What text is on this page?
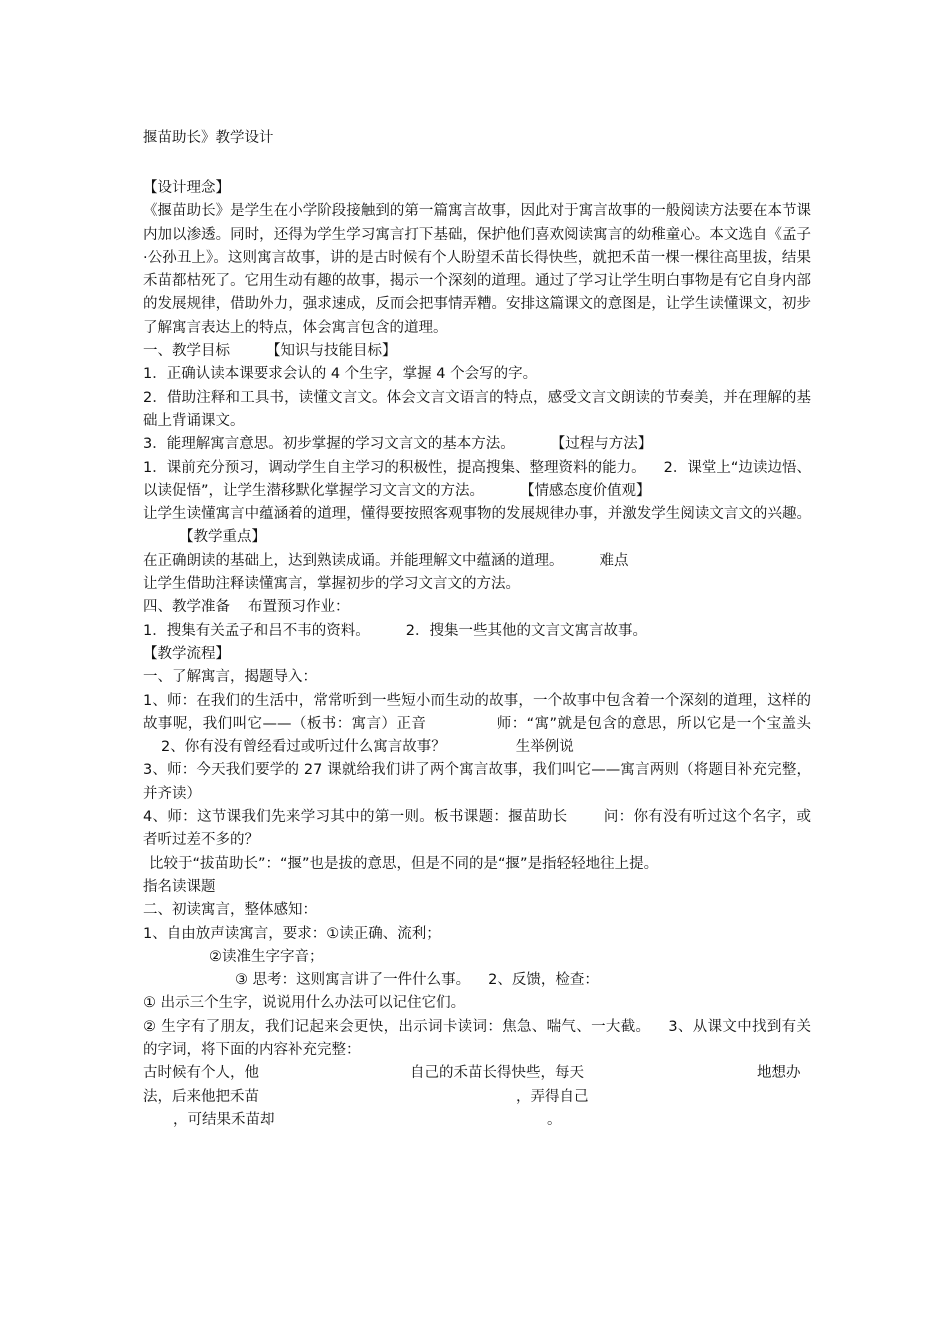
揠苗助长》教学设计

【设计理念】

《揠苗助长》是学生在小学阶段接触到的第一篇寓言故事，因此对于寓言故事的一般阅读方法要在本节课内加以渗透。同时，还得为学生学习寓言打下基础，保护他们喜欢阅读寓言的幼稚童心。本文选自《孟子·公孙丑上》。这则寓言故事，讲的是古时候有个人盼望禾苗长得快些，就把禾苗一棵一棵往高里拔，结果禾苗都枯死了。它用生动有趣的故事，揭示一个深刻的道理。通过了学习让学生明白事物是有它自身内部的发展规律，借助外力，强求速成，反而会把事情弄糟。安排这篇课文的意图是，让学生读懂课文，初步了解寓言表达上的特点，体会寓言包含的道理。

一、教学目标 【知识与技能目标】

1．正确认读本课要求会认的 4 个生字，掌握 4 个会写的字。

2．借助注释和工具书，读懂文言文。体会文言文语言的特点，感受文言文朗读的节奏美，并在理解的基础上背诵课文。

3．能理解寓言意思。初步掌握的学习文言文的基本方法。 【过程与方法】

1．课前充分预习，调动学生自主学习的积极性，提高搜集、整理资料的能力。 2．课堂上“边读边悟、以读促悟”，让学生潜移默化掌握学习文言文的方法。 【情感态度价值观】

让学生读懂寓言中蕴涵着的道理，懂得要按照客观事物的发展规律办事，并激发学生阅读文言文的兴趣。【教学重点】

在正确朗读的基础上，达到熟读成诵。并能理解文中蕴涵的道理。 难点

让学生借助注释读懂寓言，掌握初步的学习文言文的方法。

四、教学准备 布置预习作业：

1．搜集有关孟子和吕不韦的资料。 2．搜集一些其他的文言文寓言故事。

【教学流程】

一、了解寓言，揭题导入：

1、师：在我们的生活中，常常听到一些短小而生动的故事，一个故事中包含着一个深刻的道理，这样的故事呢，我们叫它——（板书：寓言）正音	师：“寓”就是包含的意思，所以它是一个宝盖头2、你有没有曾经看过或听过什么寓言故事？	生举例说

3、师：今天我们要学的 27 课就给我们讲了两个寓言故事，我们叫它——寓言两则（将题目补充完整，并齐读）

4、师：这节课我们先来学习其中的第一则。板书课题：揠苗助长 问：你有没有听过这个名字，或者听过差不多的？

比较于“拔苗助长”：“揠”也是拔的意思，但是不同的是“揠”是指轻轻地往上提。

指名读课题

二、初读寓言，整体感知：

1、自由放声读寓言，要求：①读正确、流利；

②读准生字字音；

③ 思考：这则寓言讲了一件什么事。 2、反馈，检查：

① 出示三个生字，说说用什么办法可以记住它们。

② 生字有了朋友，我们记起来会更快，出示词卡读词：焦急、喘气、一大截。 3、从课文中找到有关的字词，将下面的内容补充完整：

古时候有个人，他	自己的禾苗长得快些，每天	地想办
法，后来他把禾苗	，弄得自己
，可结果禾苗却	。
